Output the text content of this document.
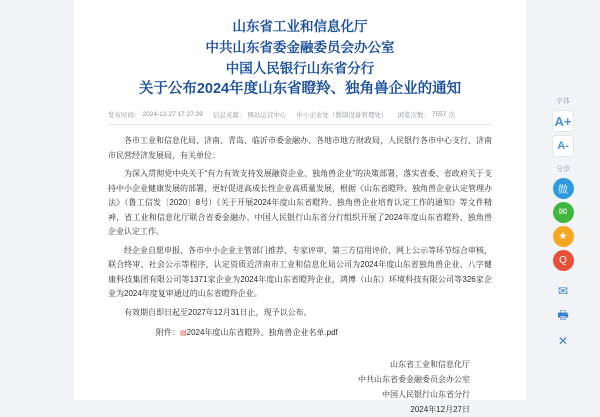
山东省工业和信息化厅
中共山东省委金融委员会办公室
中国人民银行山东省分行
关于公布2024年度山东省瞪羚、独角兽企业的通知
发布时间： 2024-12-27 17:27:39 信息来源： 网站运营中心 中小企业处（数制设备管理处） 浏览次数： 7557 次

各市工业和信息化局、济南、青岛、临沂市委金融办、各地市地方财政局，人民银行各市中心支行、济南市民营经济发展局，有关单位：

为深入贯彻党中央关于“有力有效支持发展融资企业、独角兽企业”的决策部署，落实省委、省政府关于支持中小企业健康发展的部署，更好促进高成长性企业高质量发展，根据《山东省瞪羚、独角兽企业认定管理办法》（鲁工信发〔2020〕8号）《关于开展2024年度山东省瞪羚、独角兽企业培育认定工作的通知》等文件精神，省工业和信息化厅联合省委金融办、中国人民银行山东省分行组织开展了2024年度山东省瞪羚、独角兽企业认定工作。

经企业自愿申报、各市中小企业主管部门推荐、专家评审、第三方信用评价、网上公示等环节综合审核，联合终审、社会公示等程序，认定资质近济南市工业和信息化局公司为2024年度山东省独角兽企业、八字健康科技集团有限公司等1371家企业为2024年度山东省瞪羚企业，鸿博（山东）环境科技有限公司等326家企业为2024年度复审通过的山东省瞪羚企业。

有效期自即日起至2027年12月31日止，现予以公布。

附件：▤2024年度山东省瞪羚、独角兽企业名单.pdf
山东省工业和信息化厅
中共山东省委金融委员会办公室
中国人民银行山东省分行
2024年12月27日
字体
A+
A-
分享
微
✉
★
Q
✉
🖶
✕
